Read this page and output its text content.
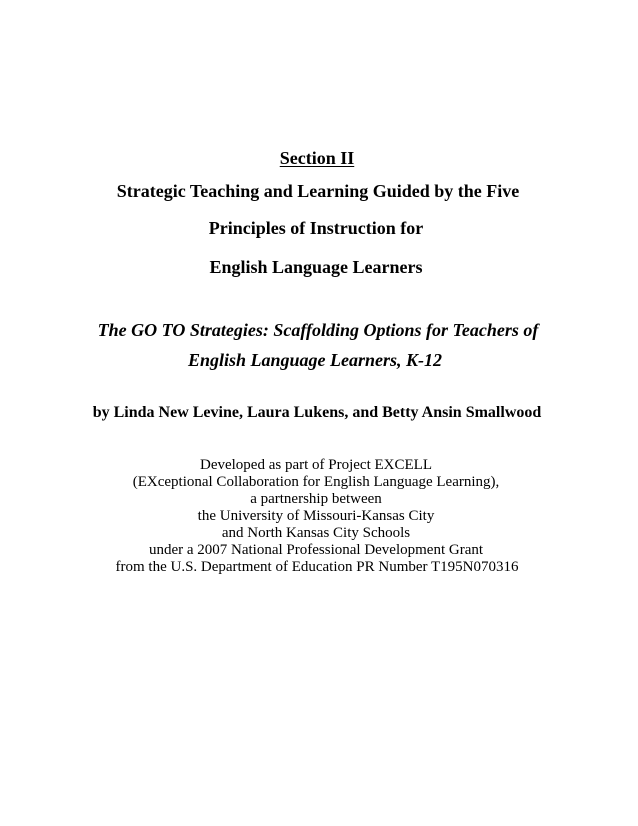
Section II
Strategic Teaching and Learning Guided by the Five
Principles of Instruction for
English Language Learners
The GO TO Strategies: Scaffolding Options for Teachers of
English Language Learners, K-12
by Linda New Levine, Laura Lukens, and Betty Ansin Smallwood
Developed as part of Project EXCELL
(EXceptional Collaboration for English Language Learning),
a partnership between
the University of Missouri-Kansas City
and North Kansas City Schools
under a 2007 National Professional Development Grant
from the U.S. Department of Education PR Number T195N070316
